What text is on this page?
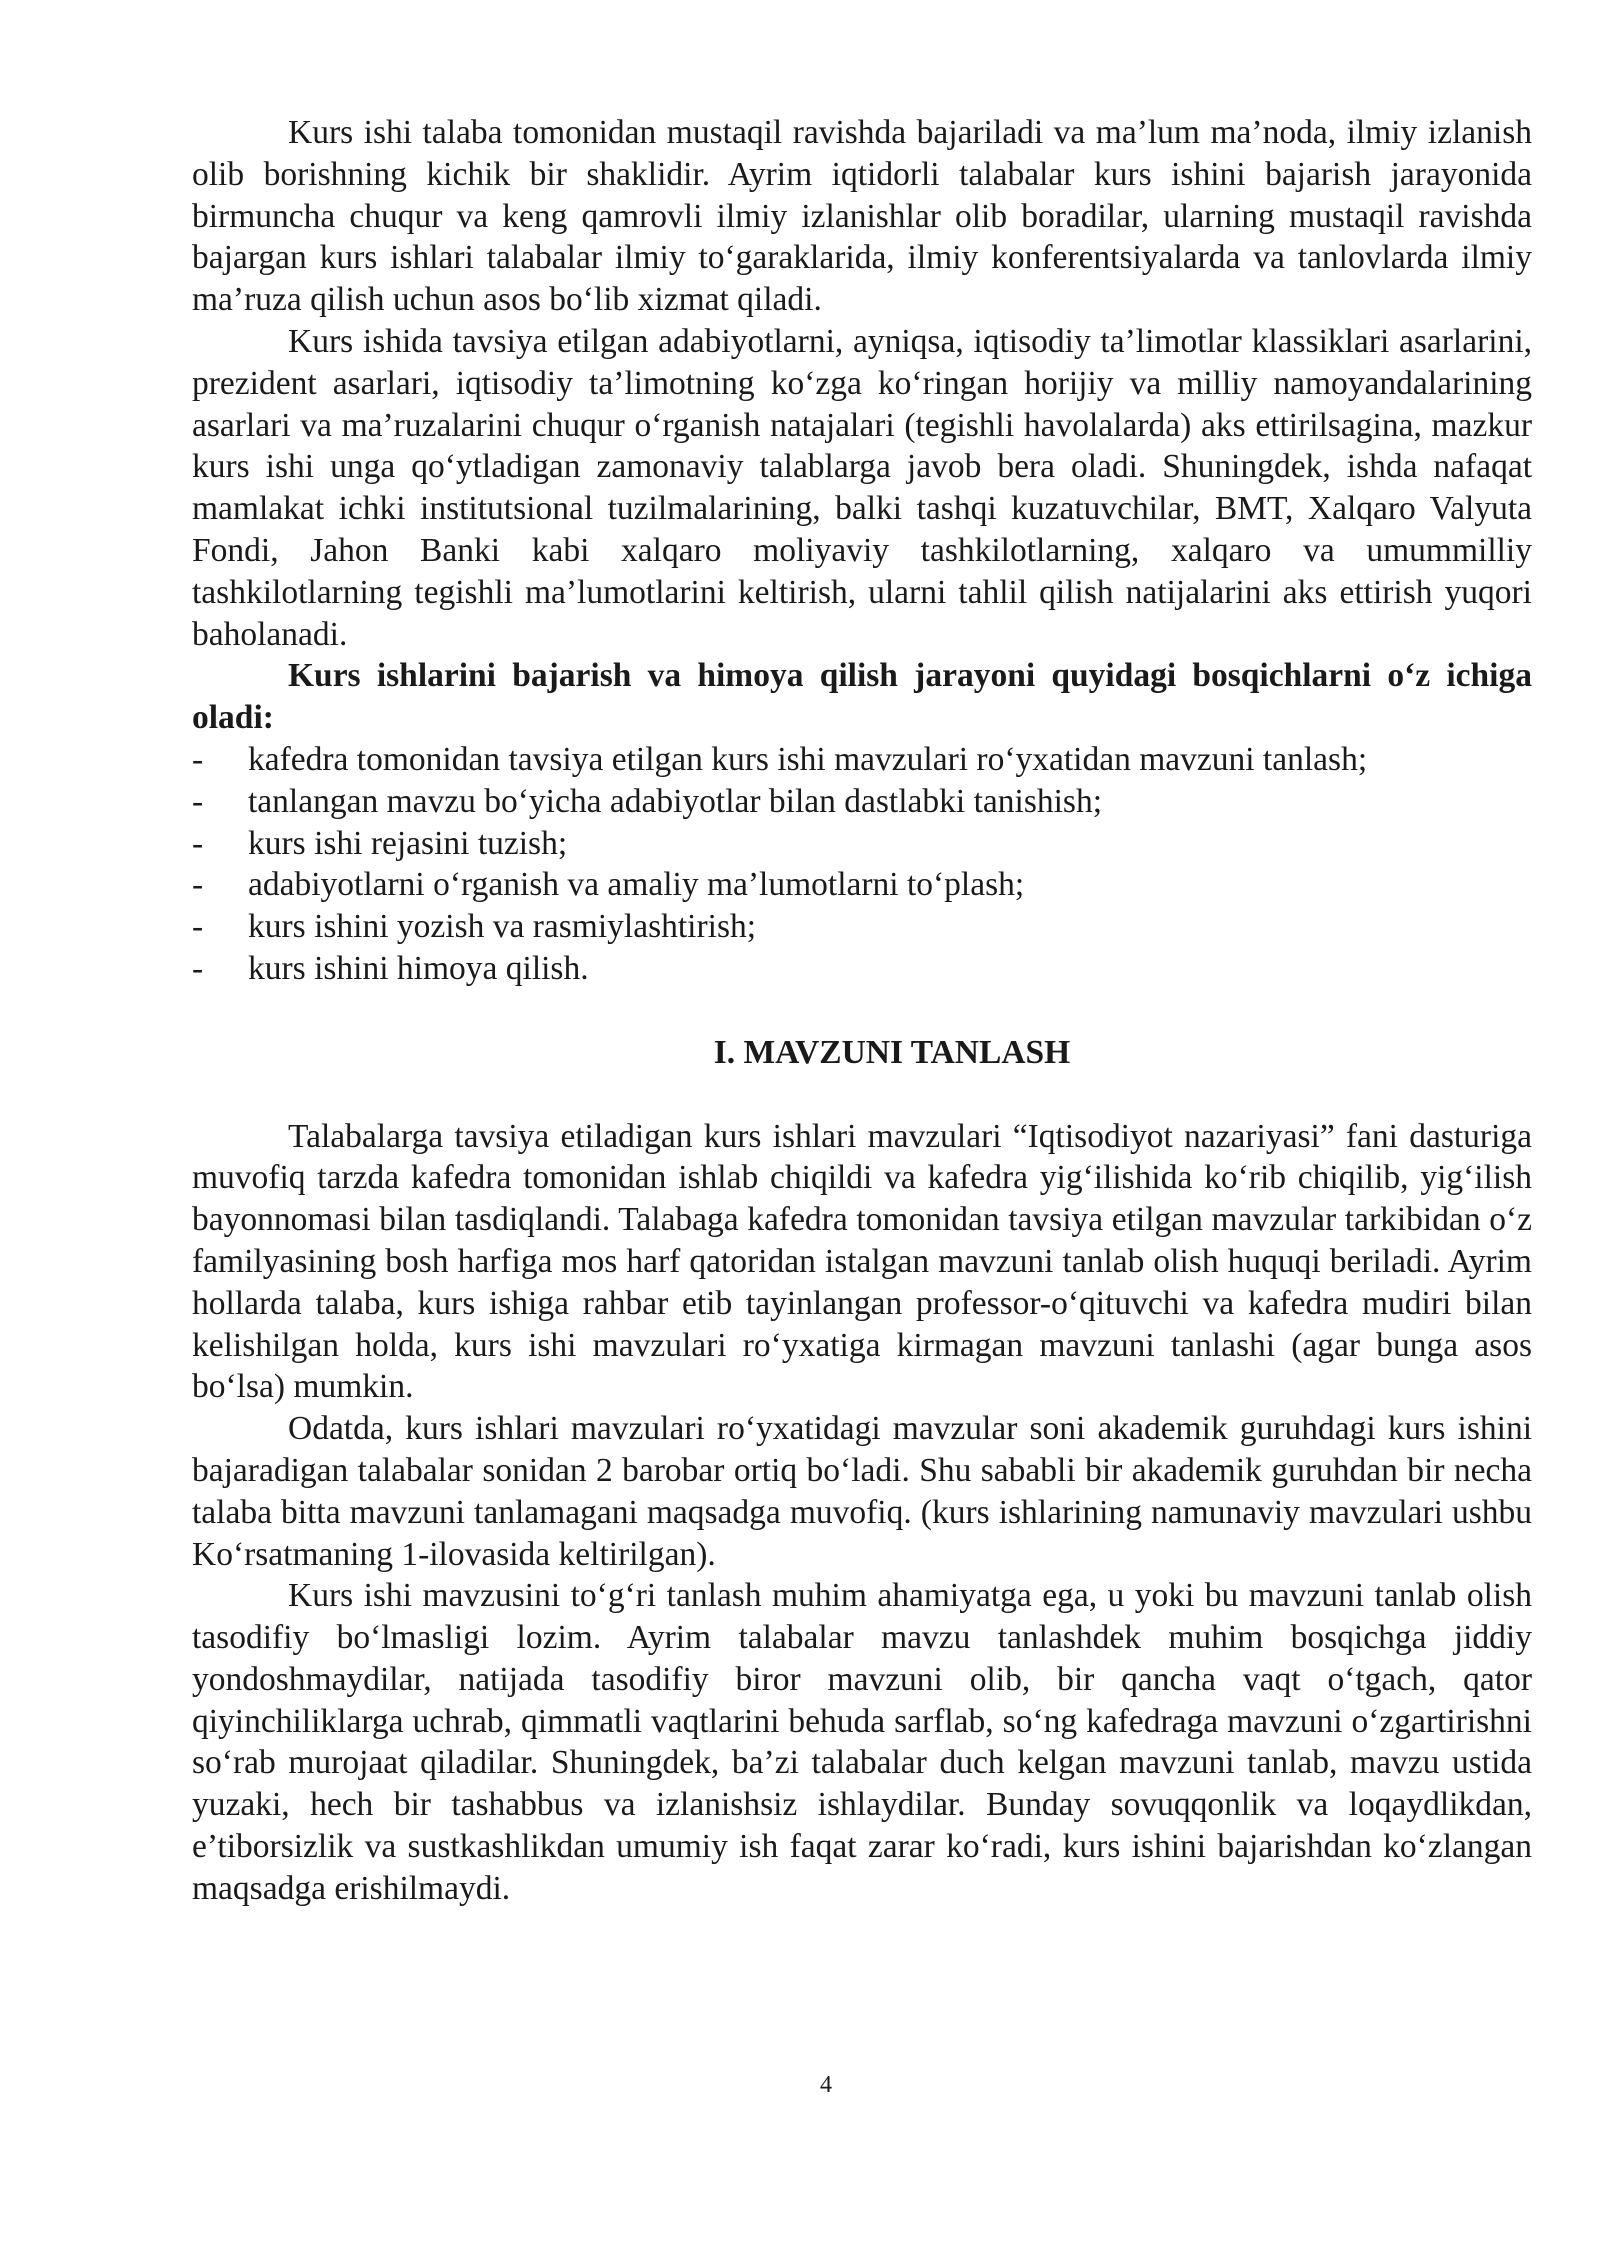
Kurs ishi talaba tomonidan mustaqil ravishda bajariladi va ma’lum ma’noda, ilmiy izlanish olib borishning kichik bir shaklidir. Ayrim iqtidorli talabalar kurs ishini bajarish jarayonida birmuncha chuqur va keng qamrovli ilmiy izlanishlar olib boradilar, ularning mustaqil ravishda bajargan kurs ishlari talabalar ilmiy to‘garaklarida, ilmiy konferentsiyalarda va tanlovlarda ilmiy ma’ruza qilish uchun asos bo‘lib xizmat qiladi.

Kurs ishida tavsiya etilgan adabiyotlarni, ayniqsa, iqtisodiy ta’limotlar klassiklari asarlarini, prezident asarlari, iqtisodiy ta’limotning ko‘zga ko‘ringan horijiy va milliy namoyandalarining asarlari va ma’ruzalarini chuqur o‘rganish natajalari (tegishli havolalarda) aks ettirilsagina, mazkur kurs ishi unga qo‘ytladigan zamonaviy talablarga javob bera oladi. Shuningdek, ishda nafaqat mamlakat ichki institutsional tuzilmalarining, balki tashqi kuzatuvchilar, BMT, Xalqaro Valyuta Fondi, Jahon Banki kabi xalqaro moliyaviy tashkilotlarning, xalqaro va umummilliy tashkilotlarning tegishli ma’lumotlarini keltirish, ularni tahlil qilish natijalarini aks ettirish yuqori baholanadi.

Kurs ishlarini bajarish va himoya qilish jarayoni quyidagi bosqichlarni o‘z ichiga oladi:

- kafedra tomonidan tavsiya etilgan kurs ishi mavzulari ro‘yxatidan mavzuni tanlash;
- tanlangan mavzu bo‘yicha adabiyotlar bilan dastlabki tanishish;
- kurs ishi rejasini tuzish;
- adabiyotlarni o‘rganish va amaliy ma’lumotlarni to‘plash;
- kurs ishini yozish va rasmiylashtirish;
- kurs ishini himoya qilish.
I. MAVZUNI TANLASH

Talabalarga tavsiya etiladigan kurs ishlari mavzulari “Iqtisodiyot nazariyasi” fani dasturiga muvofiq tarzda kafedra tomonidan ishlab chiqildi va kafedra yig‘ilishida ko‘rib chiqilib, yig‘ilish bayonnomasi bilan tasdiqlandi. Talabaga kafedra tomonidan tavsiya etilgan mavzular tarkibidan o‘z familyasining bosh harfiga mos harf qatoridan istalgan mavzuni tanlab olish huquqi beriladi. Ayrim hollarda talaba, kurs ishiga rahbar etib tayinlangan professor-o‘qituvchi va kafedra mudiri bilan kelishilgan holda, kurs ishi mavzulari ro‘yxatiga kirmagan mavzuni tanlashi (agar bunga asos bo‘lsa) mumkin.

Odatda, kurs ishlari mavzulari ro‘yxatidagi mavzular soni akademik guruhdagi kurs ishini bajaradigan talabalar sonidan 2 barobar ortiq bo‘ladi. Shu sababli bir akademik guruhdan bir necha talaba bitta mavzuni tanlamagani maqsadga muvofiq. (kurs ishlarining namunaviy mavzulari ushbu Ko‘rsatmaning 1-ilovasida keltirilgan).

Kurs ishi mavzusini to‘g‘ri tanlash muhim ahamiyatga ega, u yoki bu mavzuni tanlab olish tasodifiy bo‘lmasligi lozim. Ayrim talabalar mavzu tanlashdek muhim bosqichga jiddiy yondoshmaydilar, natijada tasodifiy biror mavzuni olib, bir qancha vaqt o‘tgach, qator qiyinchiliklarga uchrab, qimmatli vaqtlarini behuda sarflab, so‘ng kafedraga mavzuni o‘zgartirishni so‘rab murojaat qiladilar. Shuningdek, ba’zi talabalar duch kelgan mavzuni tanlab, mavzu ustida yuzaki, hech bir tashabbus va izlanishsiz ishlaydilar. Bunday sovuqqonlik va loqaydlikdan, e’tiborsizlik va sustkashlikdan umumiy ish faqat zarar ko‘radi, kurs ishini bajarishdan ko‘zlangan maqsadga erishilmaydi.

4
